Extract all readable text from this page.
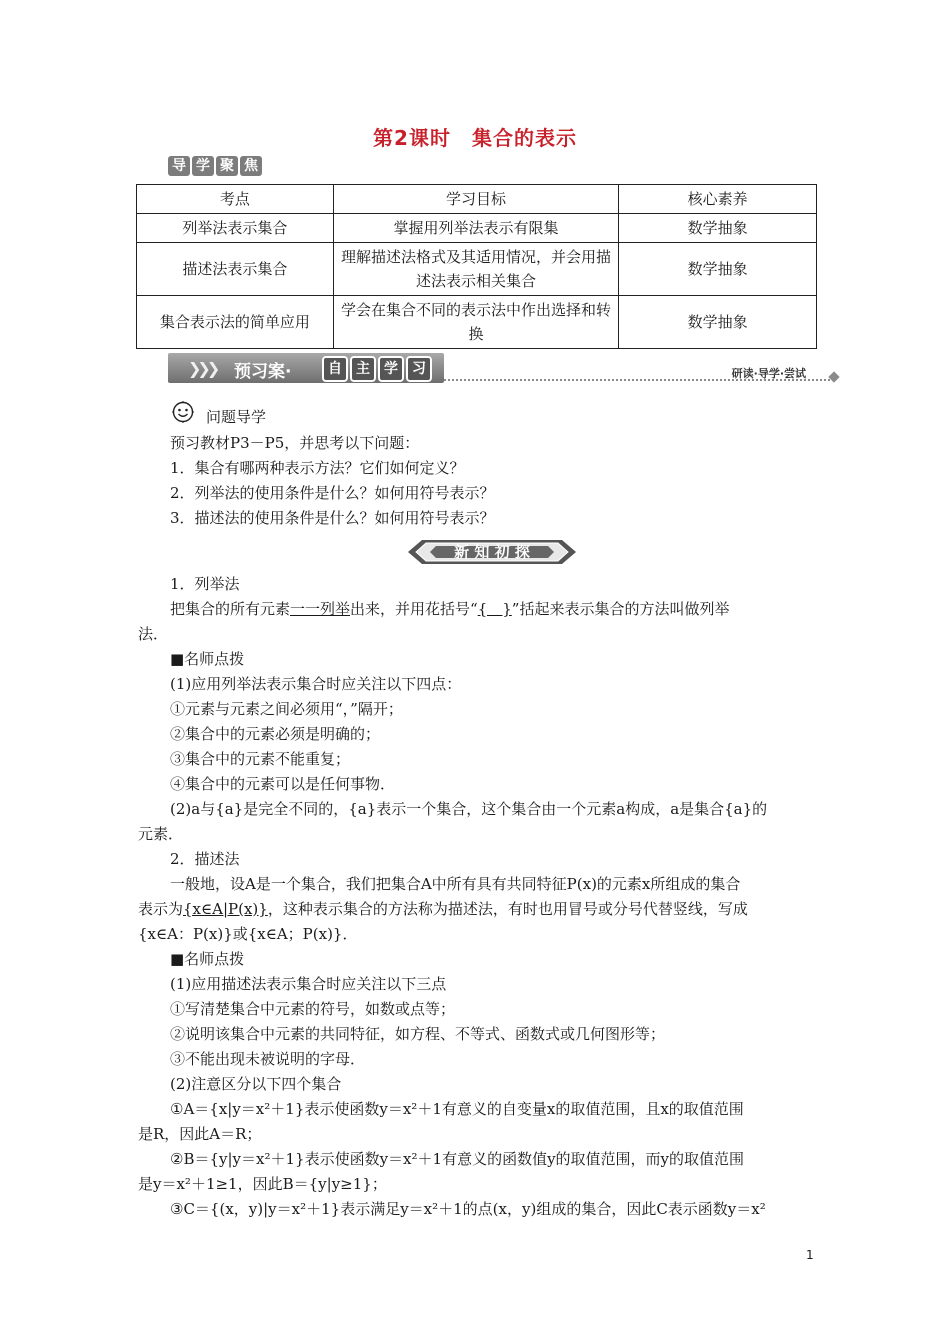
第2课时　集合的表示
导 学 聚 焦
考点	学习目标	核心素养
列举法表示集合	掌握用列举法表示有限集	数学抽象
描述法表示集合	理解描述法格式及其适用情况，并会用描述法表示相关集合	数学抽象
集合表示法的简单应用	学会在集合不同的表示法中作出选择和转换	数学抽象
❯❯❯ 预习案·	自	主	学	习	研读·导学·尝试
问题导学
预习教材P3－P5，并思考以下问题：
1．集合有哪两种表示方法？它们如何定义？
2．列举法的使用条件是什么？如何用符号表示？
3．描述法的使用条件是什么？如何用符号表示？
新 知 初 探
1．列举法
把集合的所有元素一一列举出来，并用花括号“{　}”括起来表示集合的方法叫做列举
法．
■名师点拨
(1)应用列举法表示集合时应关注以下四点：
①元素与元素之间必须用“，”隔开；
②集合中的元素必须是明确的；
③集合中的元素不能重复；
④集合中的元素可以是任何事物．
(2)a与{a}是完全不同的，{a}表示一个集合，这个集合由一个元素a构成，a是集合{a}的
元素．
2．描述法
一般地，设A是一个集合，我们把集合A中所有具有共同特征P(x)的元素x所组成的集合
表示为{x∈A|P(x)}，这种表示集合的方法称为描述法，有时也用冒号或分号代替竖线，写成
{x∈A：P(x)}或{x∈A；P(x)}．
■名师点拨
(1)应用描述法表示集合时应关注以下三点
①写清楚集合中元素的符号，如数或点等；
②说明该集合中元素的共同特征，如方程、不等式、函数式或几何图形等；
③不能出现未被说明的字母．
(2)注意区分以下四个集合
①A＝{x|y＝x²＋1}表示使函数y＝x²＋1有意义的自变量x的取值范围，且x的取值范围
是R，因此A＝R；
②B＝{y|y＝x²＋1}表示使函数y＝x²＋1有意义的函数值y的取值范围，而y的取值范围
是y＝x²＋1≥1，因此B＝{y|y≥1}；
③C＝{(x，y)|y＝x²＋1}表示满足y＝x²＋1的点(x，y)组成的集合，因此C表示函数y＝x²
1
